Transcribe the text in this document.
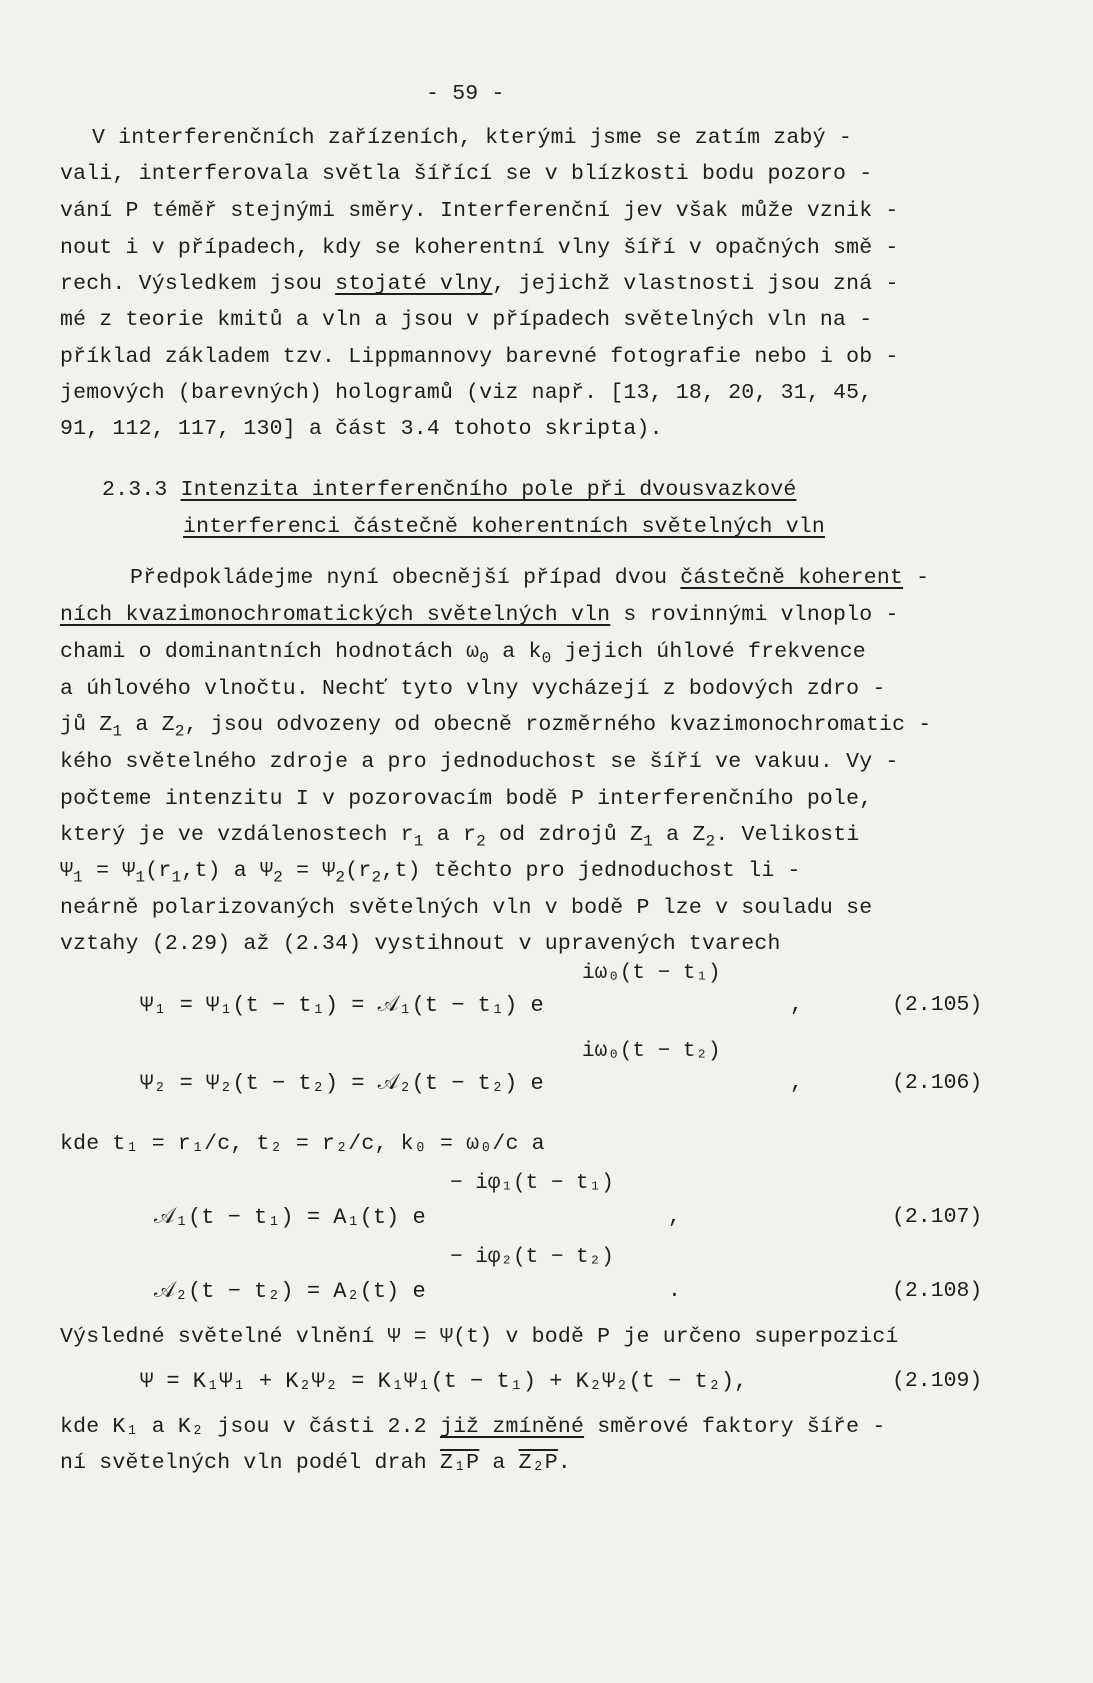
- 59 -
V interferenčních zařízeních, kterými jsme se zatím zabý -
vali, interferovala světla šířící se v blízkosti bodu pozoro -
vání P téměř stejnými směry. Interferenční jev však může vznik -
nout i v případech, kdy se koherentní vlny šíří v opačných smě -
rech. Výsledkem jsou stojaté vlny, jejichž vlastnosti jsou zná -
mé z teorie kmitů a vln a jsou v případech světelných vln na -
příklad základem tzv. Lippmannovy barevné fotografie nebo i ob -
jemových (barevných) hologramů (viz např. [13, 18, 20, 31, 45,
91, 112, 117, 130] a část 3.4 tohoto skripta).
2.3.3 Intenzita interferenčního pole při dvousvazkové
interferenci částečně koherentních světelných vln
Předpokládejme nyní obecnější případ dvou částečně koherent -
ních kvazimonochromatických světelných vln s rovinnými vlnoplo -
chami o dominantních hodnotách $\omega_0$ a $k_0$ jejich úhlové frekvence
a úhlového vlnočtu. Nechť tyto vlny vycházejí z bodových zdro -
jů $Z_1$ a $Z_2$, jsou odvozeny od obecně rozměrného kvazimonochromatic -
kého světelného zdroje a pro jednoduchost se šíří ve vakuu. Vy -
počteme intenzitu I v pozorovacím bodě P interferenčního pole,
který je ve vzdálenostech $r_1$ a $r_2$ od zdrojů $Z_1$ a $Z_2$. Velikosti
$\Psi_1 = \Psi_1(r_1,t)$ a $\Psi_2 = \Psi_2(r_2,t)$ těchto pro jednoduchost li -
neárně polarizovaných světelných vln v bodě P lze v souladu se
vztahy (2.29) až (2.34) vystihnout v upravených tvarech
iω₀(t − t₁)
Ψ₁ = Ψ₁(t − t₁) = 𝒜₁(t − t₁) e	,	(2.105)
iω₀(t − t₂)
Ψ₂ = Ψ₂(t − t₂) = 𝒜₂(t − t₂) e	,	(2.106)
kde t₁ = r₁/c, t₂ = r₂/c, k₀ = ω₀/c a
− iφ₁(t − t₁)
𝒜₁(t − t₁) = A₁(t) e	,	(2.107)
− iφ₂(t − t₂)
𝒜₂(t − t₂) = A₂(t) e	.	(2.108)
Výsledné světelné vlnění Ψ = Ψ(t) v bodě P je určeno superpozicí
Ψ = K₁Ψ₁ + K₂Ψ₂ = K₁Ψ₁(t − t₁) + K₂Ψ₂(t − t₂),	(2.109)
kde K₁ a K₂ jsou v části 2.2 již zmíněné směrové faktory šíře -
ní světelných vln podél drah Z₁P a Z₂P.
